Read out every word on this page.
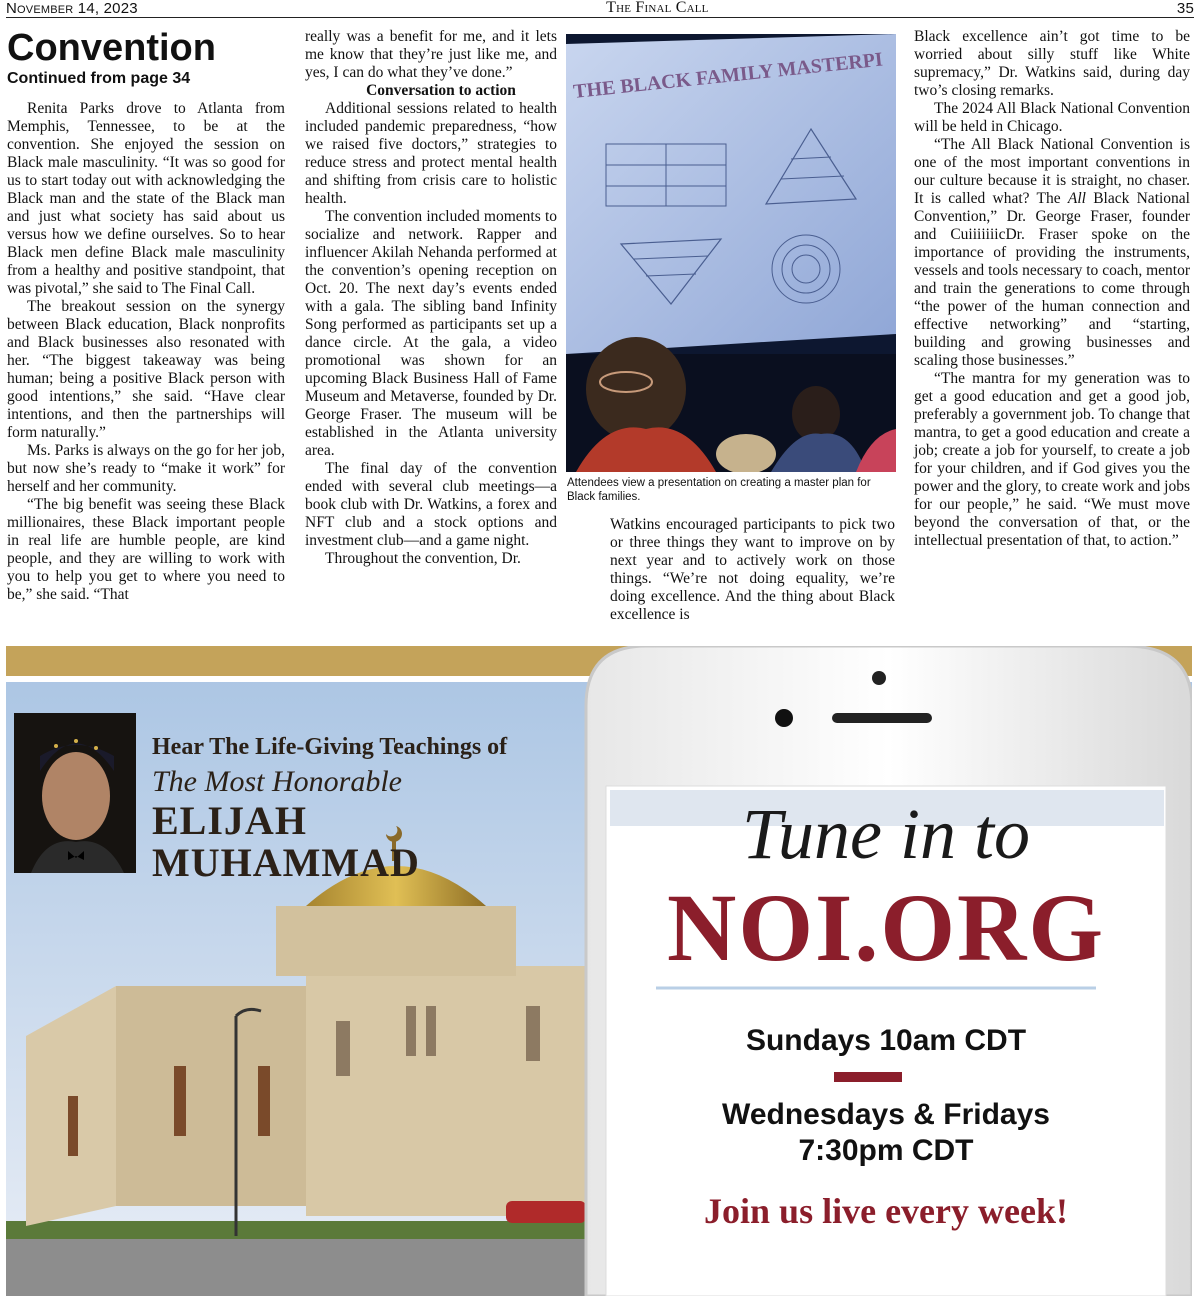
November 14, 2023	The Final Call	35
Convention
Continued from page 34

Renita Parks drove to Atlanta from Memphis, Tennessee, to be at the convention. She enjoyed the session on Black male masculinity. “It was so good for us to start today out with acknowledging the Black man and the state of the Black man and just what society has said about us versus how we define ourselves. So to hear Black men define Black male masculinity from a healthy and positive standpoint, that was pivotal,” she said to The Final Call.

The breakout session on the synergy between Black education, Black nonprofits and Black businesses also resonated with her. “The biggest takeaway was being human; being a positive Black person with good intentions,” she said. “Have clear intentions, and then the partnerships will form naturally.”

Ms. Parks is always on the go for her job, but now she’s ready to “make it work” for herself and her community.

“The big benefit was seeing these Black millionaires, these Black important people in real life are humble people, are kind people, and they are willing to work with you to help you get to where you need to be,” she said. “That

really was a benefit for me, and it lets me know that they’re just like me, and yes, I can do what they’ve done.”

Conversation to action

Additional sessions related to health included pandemic preparedness, “how we raised five doctors,” strategies to reduce stress and protect mental health and shifting from crisis care to holistic health.

The convention included moments to socialize and network. Rapper and influencer Akilah Nehanda performed at the convention’s opening reception on Oct. 20. The next day’s events ended with a gala. The sibling band Infinity Song performed as participants set up a dance circle. At the gala, a video promotional was shown for an upcoming Black Business Hall of Fame Museum and Metaverse, founded by Dr. George Fraser. The museum will be established in the Atlanta university area.

The final day of the convention ended with several club meetings—a book club with Dr. Watkins, a forex and NFT club and a stock options and investment club—and a game night.

Throughout the convention, Dr.

THE BLACK FAMILY MASTERPI
Attendees view a presentation on creating a master plan for Black families.

Watkins encouraged participants to pick two or three things they want to improve on by next year and to actively work on those things. “We’re not doing equality, we’re doing excellence. And the thing about Black excellence is

Black excellence ain’t got time to be worried about silly stuff like White supremacy,” Dr. Watkins said, during day two’s closing remarks.

The 2024 All Black National Convention will be held in Chicago.

“The All Black National Convention is one of the most important conventions in our culture because it is straight, no chaser. It is called what? The All Black National Convention,” Dr. George Fraser, founder and CuiiiiiiicDr. Fraser spoke on the importance of providing the instruments, vessels and tools necessary to coach, mentor and train the generations to come through “the power of the human connection and effective networking” and “starting, building and growing businesses and scaling those businesses.”

“The mantra for my generation was to get a good education and get a good job, preferably a government job. To change that mantra, to get a good education and create a job; create a job for yourself, to create a job for your children, and if God gives you the power and the glory, to create work and jobs for our people,” he said. “We must move beyond the conversation of that, or the intellectual presentation of that, to action.”

Hear The Life-Giving Teachings of
The Most Honorable
ELIJAH
MUHAMMAD	Tune in to
NOI.ORG
Sundays 10am CDT
Wednesdays & Fridays
7:30pm CDT
Join us live every week!
